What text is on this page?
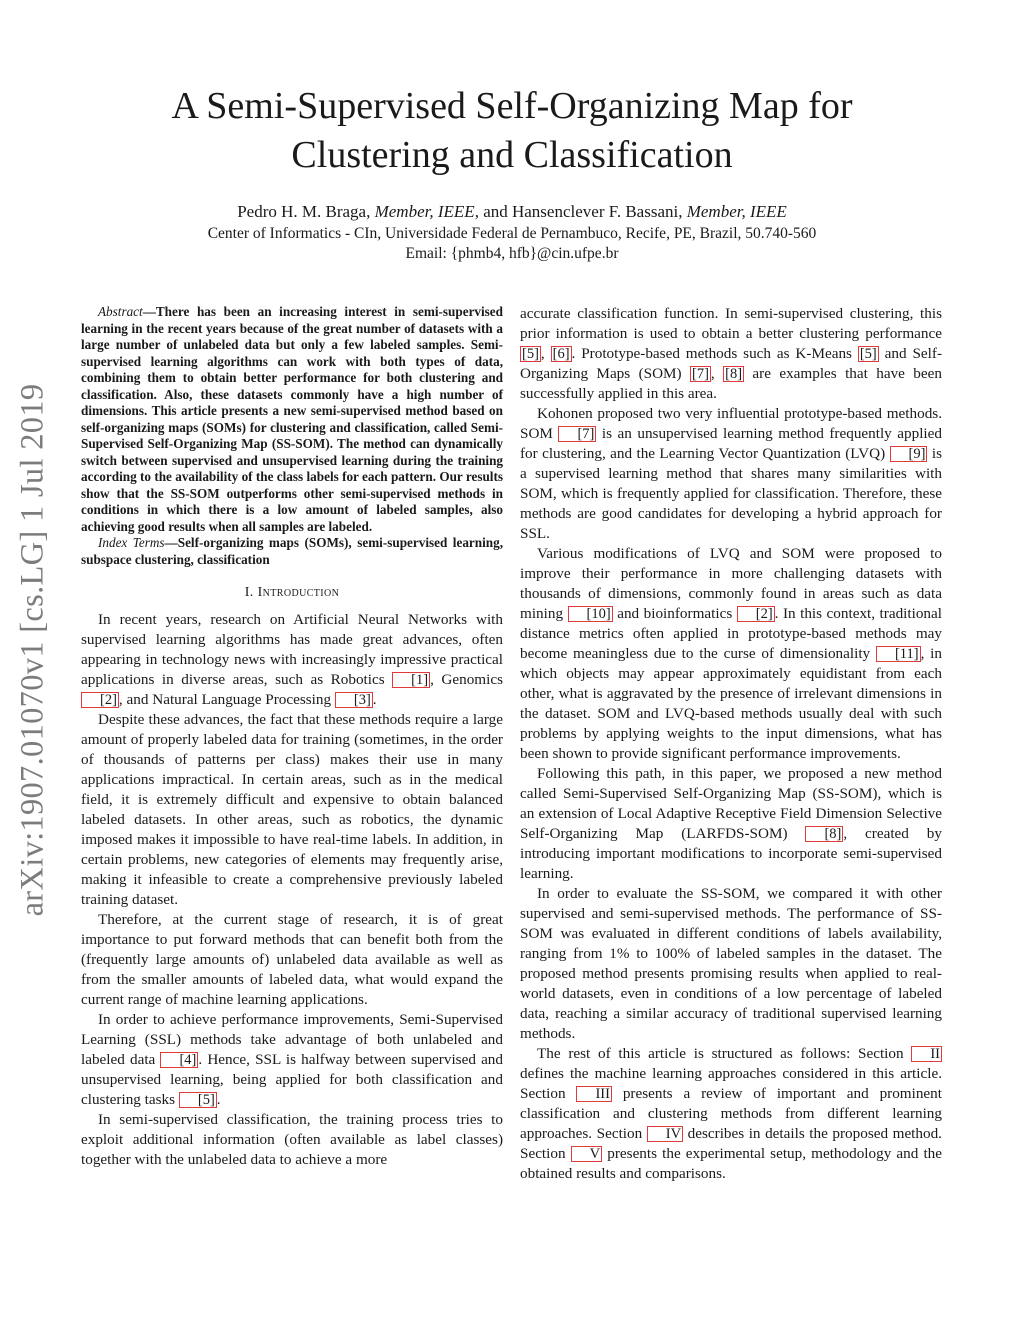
arXiv:1907.01070v1 [cs.LG] 1 Jul 2019
A Semi-Supervised Self-Organizing Map for
Clustering and Classification
Pedro H. M. Braga, Member, IEEE, and Hansenclever F. Bassani, Member, IEEE
Center of Informatics - CIn, Universidade Federal de Pernambuco, Recife, PE, Brazil, 50.740-560
Email: {phmb4, hfb}@cin.ufpe.br

Abstract—There has been an increasing interest in semi-supervised learning in the recent years because of the great number of datasets with a large number of unlabeled data but only a few labeled samples. Semi-supervised learning algorithms can work with both types of data, combining them to obtain better performance for both clustering and classification. Also, these datasets commonly have a high number of dimensions. This article presents a new semi-supervised method based on self-organizing maps (SOMs) for clustering and classification, called Semi-Supervised Self-Organizing Map (SS-SOM). The method can dynamically switch between supervised and unsupervised learning during the training according to the availability of the class labels for each pattern. Our results show that the SS-SOM outperforms other semi-supervised methods in conditions in which there is a low amount of labeled samples, also achieving good results when all samples are labeled.

Index Terms—Self-organizing maps (SOMs), semi-supervised learning, subspace clustering, classification

I. Introduction

In recent years, research on Artificial Neural Networks with supervised learning algorithms has made great advances, often appearing in technology news with increasingly impressive practical applications in diverse areas, such as Robotics [1] , Genomics [2] , and Natural Language Processing [3] .

Despite these advances, the fact that these methods require a large amount of properly labeled data for training (sometimes, in the order of thousands of patterns per class) makes their use in many applications impractical. In certain areas, such as in the medical field, it is extremely difficult and expensive to obtain balanced labeled datasets. In other areas, such as robotics, the dynamic imposed makes it impossible to have real-time labels. In addition, in certain problems, new categories of elements may frequently arise, making it infeasible to create a comprehensive previously labeled training dataset.

Therefore, at the current stage of research, it is of great importance to put forward methods that can benefit both from the (frequently large amounts of) unlabeled data available as well as from the smaller amounts of labeled data, what would expand the current range of machine learning applications.

In order to achieve performance improvements, Semi-Supervised Learning (SSL) methods take advantage of both unlabeled and labeled data [4] . Hence, SSL is halfway between supervised and unsupervised learning, being applied for both classification and clustering tasks [5] .

In semi-supervised classification, the training process tries to exploit additional information (often available as label classes) together with the unlabeled data to achieve a more

accurate classification function. In semi-supervised clustering, this prior information is used to obtain a better clustering performance [5] , [6] . Prototype-based methods such as K-Means [5] and Self-Organizing Maps (SOM) [7] , [8] are examples that have been successfully applied in this area.

Kohonen proposed two very influential prototype-based methods. SOM [7] is an unsupervised learning method frequently applied for clustering, and the Learning Vector Quantization (LVQ) [9] is a supervised learning method that shares many similarities with SOM, which is frequently applied for classification. Therefore, these methods are good candidates for developing a hybrid approach for SSL.

Various modifications of LVQ and SOM were proposed to improve their performance in more challenging datasets with thousands of dimensions, commonly found in areas such as data mining [10] and bioinformatics [2] . In this context, traditional distance metrics often applied in prototype-based methods may become meaningless due to the curse of dimensionality [11] , in which objects may appear approximately equidistant from each other, what is aggravated by the presence of irrelevant dimensions in the dataset. SOM and LVQ-based methods usually deal with such problems by applying weights to the input dimensions, what has been shown to provide significant performance improvements.

Following this path, in this paper, we proposed a new method called Semi-Supervised Self-Organizing Map (SS-SOM), which is an extension of Local Adaptive Receptive Field Dimension Selective Self-Organizing Map (LARFDS-SOM) [8] , created by introducing important modifications to incorporate semi-supervised learning.

In order to evaluate the SS-SOM, we compared it with other supervised and semi-supervised methods. The performance of SS-SOM was evaluated in different conditions of labels availability, ranging from 1% to 100% of labeled samples in the dataset. The proposed method presents promising results when applied to real-world datasets, even in conditions of a low percentage of labeled data, reaching a similar accuracy of traditional supervised learning methods.

The rest of this article is structured as follows: Section II defines the machine learning approaches considered in this article. Section III presents a review of important and prominent classification and clustering methods from different learning approaches. Section IV describes in details the proposed method. Section V presents the experimental setup, methodology and the obtained results and comparisons.
